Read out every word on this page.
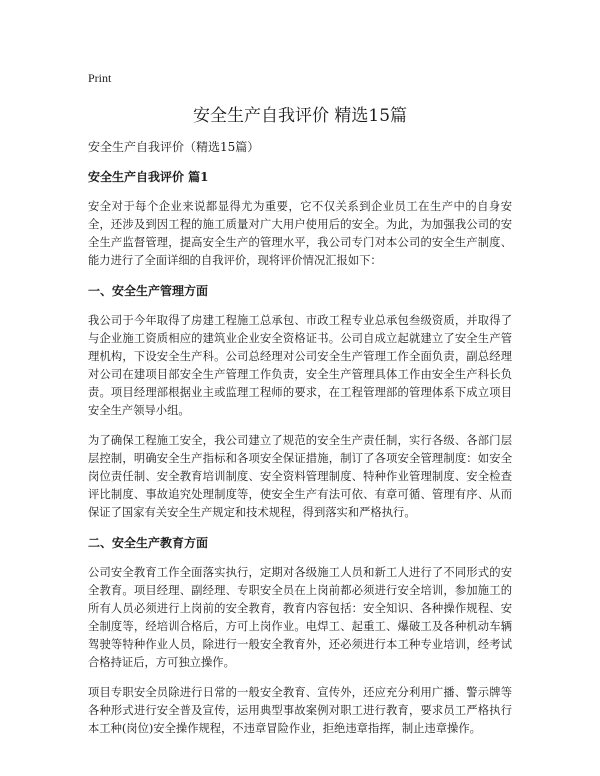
Print
安全生产自我评价 精选15篇

安全生产自我评价（精选15篇）

安全生产自我评价 篇1

安全对于每个企业来说都显得尤为重要，它不仅关系到企业员工在生产中的自身安全，还涉及到因工程的施工质量对广大用户使用后的安全。为此，为加强我公司的安全生产监督管理，提高安全生产的管理水平，我公司专门对本公司的安全生产制度、能力进行了全面详细的自我评价，现将评价情况汇报如下：

一、安全生产管理方面

我公司于今年取得了房建工程施工总承包、市政工程专业总承包叁级资质，并取得了与企业施工资质相应的建筑业企业安全资格证书。公司自成立起就建立了安全生产管理机构，下设安全生产科。公司总经理对公司安全生产管理工作全面负责，副总经理对公司在建项目部安全生产管理工作负责，安全生产管理具体工作由安全生产科长负责。项目经理部根据业主或监理工程师的要求，在工程管理部的管理体系下成立项目安全生产领导小组。

为了确保工程施工安全，我公司建立了规范的安全生产责任制，实行各级、各部门层层控制，明确安全生产指标和各项安全保证措施，制订了各项安全管理制度：如安全岗位责任制、安全教育培训制度、安全资料管理制度、特种作业管理制度、安全检查评比制度、事故追究处理制度等，使安全生产有法可依、有章可循、管理有序、从而保证了国家有关安全生产规定和技术规程，得到落实和严格执行。

二、安全生产教育方面

公司安全教育工作全面落实执行，定期对各级施工人员和新工人进行了不同形式的安全教育。项目经理、副经理、专职安全员在上岗前都必须进行安全培训，参加施工的所有人员必须进行上岗前的安全教育，教育内容包括：安全知识、各种操作规程、安全制度等，经培训合格后，方可上岗作业。电焊工、起重工、爆破工及各种机动车辆驾驶等特种作业人员，除进行一般安全教育外，还必须进行本工种专业培训，经考试合格持证后，方可独立操作。

项目专职安全员除进行日常的一般安全教育、宣传外，还应充分利用广播、警示牌等各种形式进行安全普及宣传，运用典型事故案例对职工进行教育，要求员工严格执行本工种(岗位)安全操作规程，不违章冒险作业，拒绝违章指挥，制止违章操作。
